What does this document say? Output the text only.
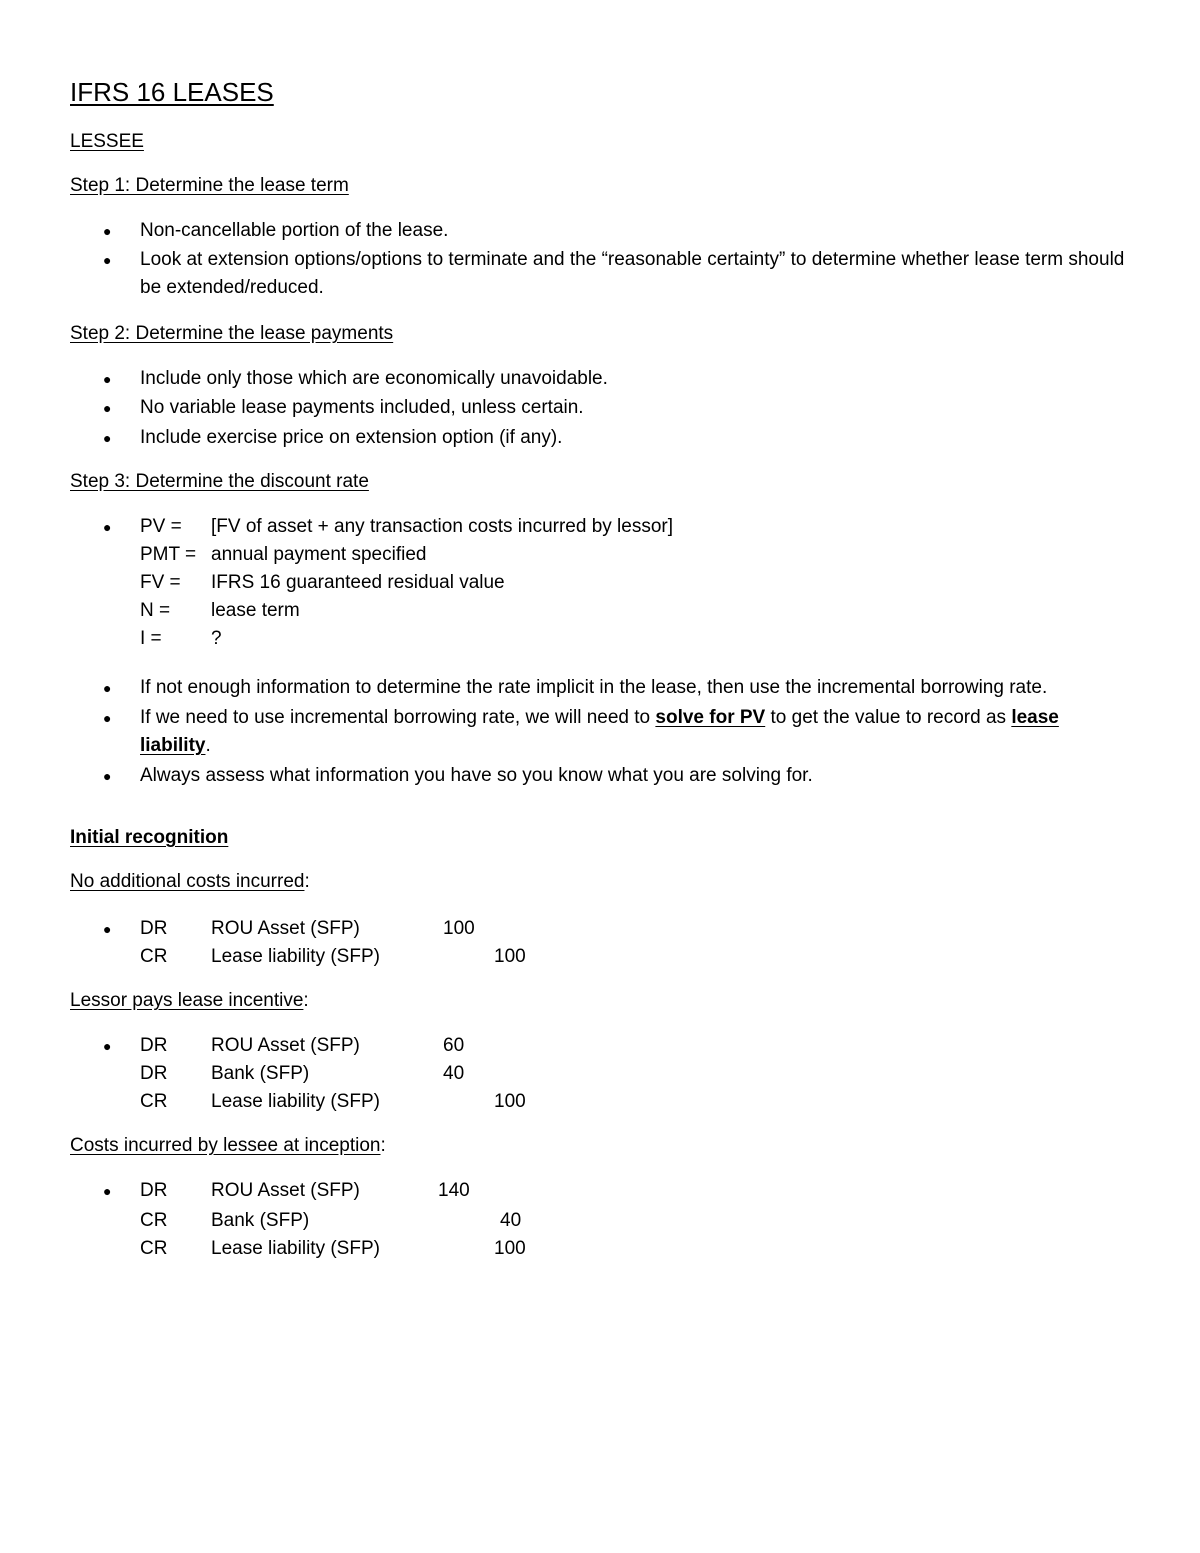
IFRS 16 LEASES
LESSEE
Step 1: Determine the lease term
● Non-cancellable portion of the lease.
● Look at extension options/options to terminate and the “reasonable certainty” to determine whether lease term should be extended/reduced.
Step 2: Determine the lease payments
● Include only those which are economically unavoidable.
● No variable lease payments included, unless certain.
● Include exercise price on extension option (if any).
Step 3: Determine the discount rate
● PV = [FV of asset + any transaction costs incurred by lessor]
PMT = annual payment specified
FV = IFRS 16 guaranteed residual value
N = lease term
I =	?
● If not enough information to determine the rate implicit in the lease, then use the incremental borrowing rate.
● If we need to use incremental borrowing rate, we will need to solve for PV to get the value to record as lease liability.
● Always assess what information you have so you know what you are solving for.
Initial recognition
No additional costs incurred:
● DR ROU Asset (SFP)	100
CR Lease liability (SFP)	100
Lessor pays lease incentive:
● DR ROU Asset (SFP)	60
DR Bank (SFP)	40
CR Lease liability (SFP)	100
Costs incurred by lessee at inception:
● DR ROU Asset (SFP)	140
CR Bank (SFP)	40
CR Lease liability (SFP)	100
